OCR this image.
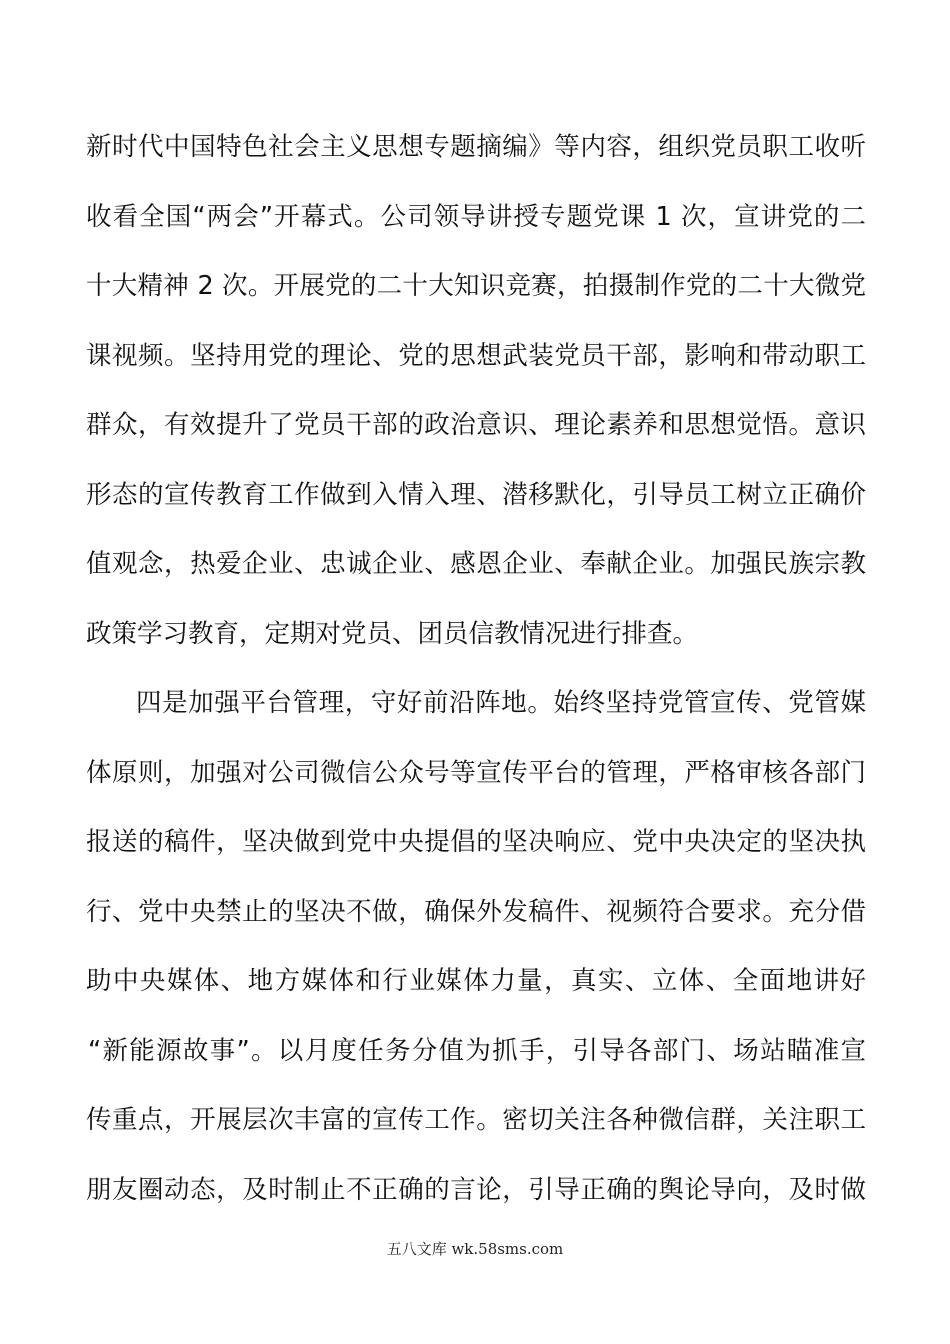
新时代中国特色社会主义思想专题摘编》等内容，组织党员职工收听
收看全国“两会”开幕式。公司领导讲授专题党课 1 次，宣讲党的二
十大精神 2 次。开展党的二十大知识竞赛，拍摄制作党的二十大微党
课视频。坚持用党的理论、党的思想武装党员干部，影响和带动职工
群众，有效提升了党员干部的政治意识、理论素养和思想觉悟。意识
形态的宣传教育工作做到入情入理、潜移默化，引导员工树立正确价
值观念，热爱企业、忠诚企业、感恩企业、奉献企业。加强民族宗教
政策学习教育，定期对党员、团员信教情况进行排查。
四是加强平台管理，守好前沿阵地。始终坚持党管宣传、党管媒
体原则，加强对公司微信公众号等宣传平台的管理，严格审核各部门
报送的稿件，坚决做到党中央提倡的坚决响应、党中央决定的坚决执
行、党中央禁止的坚决不做，确保外发稿件、视频符合要求。充分借
助中央媒体、地方媒体和行业媒体力量，真实、立体、全面地讲好
“新能源故事”。以月度任务分值为抓手，引导各部门、场站瞄准宣
传重点，开展层次丰富的宣传工作。密切关注各种微信群，关注职工
朋友圈动态，及时制止不正确的言论，引导正确的舆论导向，及时做
五八文库 wk.58sms.com
